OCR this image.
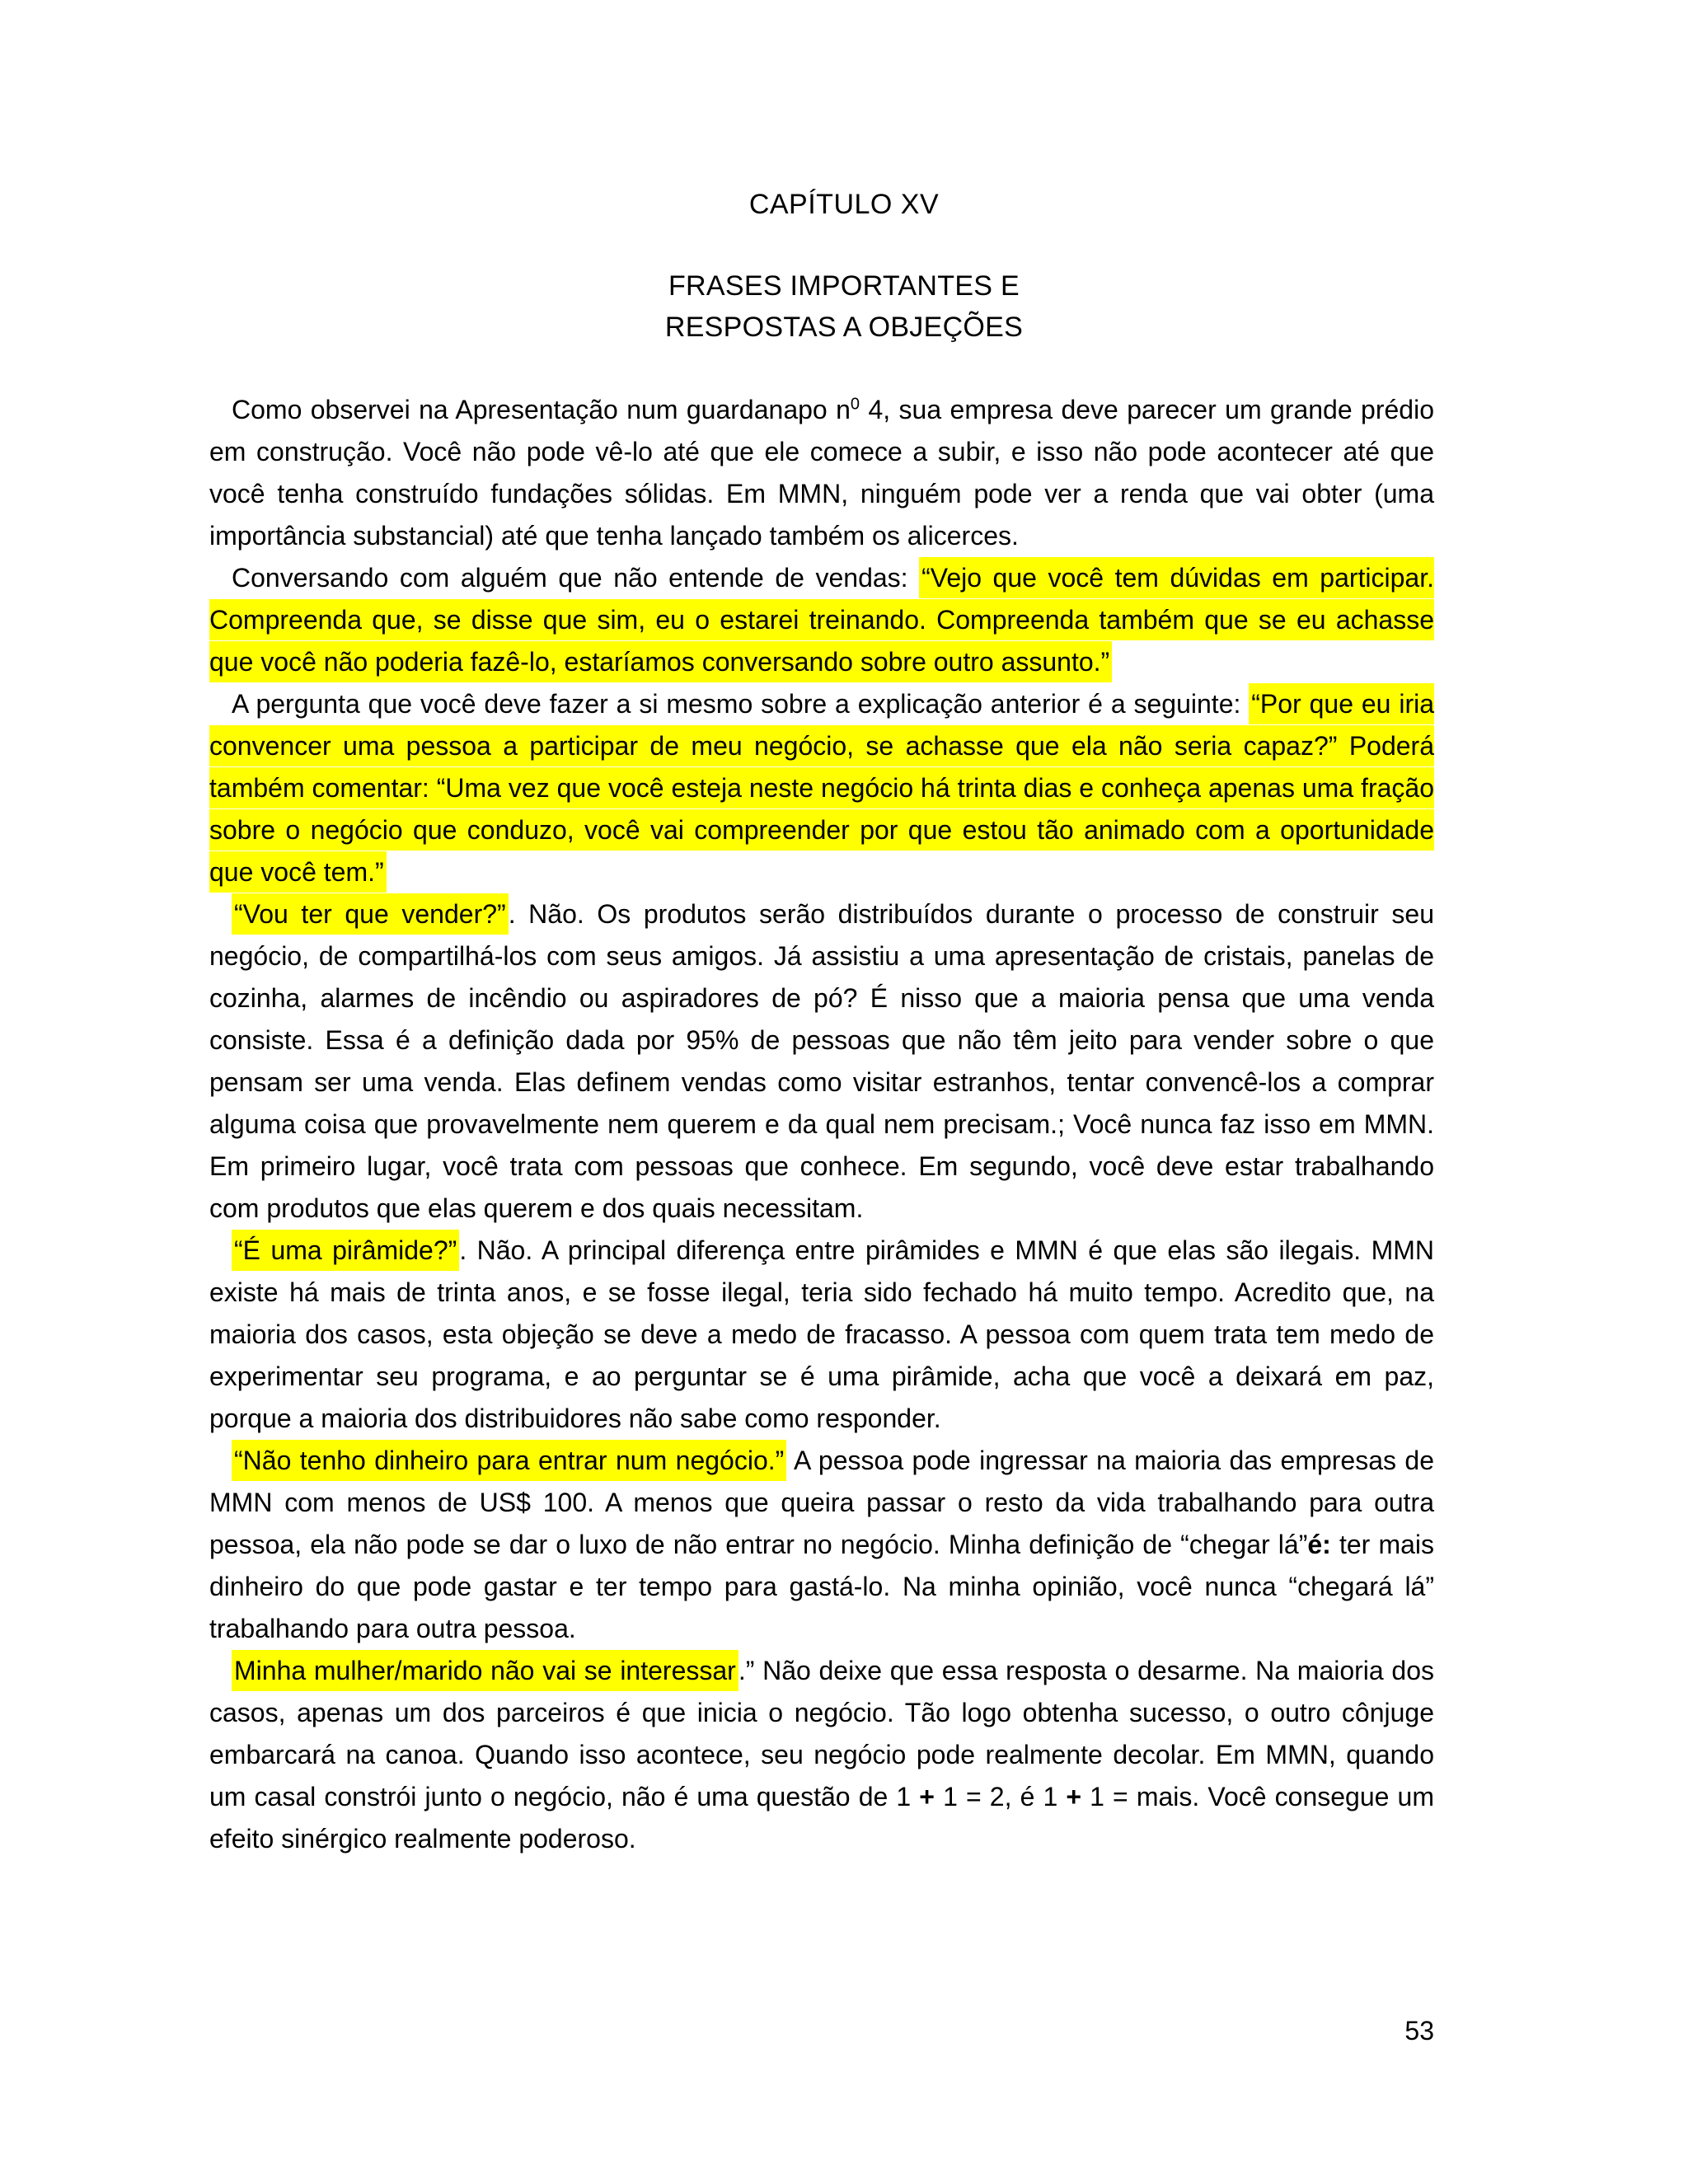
CAPÍTULO XV
FRASES IMPORTANTES E
RESPOSTAS A OBJEÇÕES

Como observei na Apresentação num guardanapo $n^0$ 4, sua empresa deve parecer um grande prédio em construção. Você não pode vê-lo até que ele comece a subir, e isso não pode acontecer até que você tenha construído fundações sólidas. Em MMN, ninguém pode ver a renda que vai obter (uma importância substancial) até que tenha lançado também os alicerces.

Conversando com alguém que não entende de vendas: “Vejo que você tem dúvidas em participar. Compreenda que, se disse que sim, eu o estarei treinando. Compreenda também que se eu achasse que você não poderia fazê-lo, estaríamos conversando sobre outro assunto.”

A pergunta que você deve fazer a si mesmo sobre a explicação anterior é a seguinte: “Por que eu iria convencer uma pessoa a participar de meu negócio, se achasse que ela não seria capaz?” Poderá também comentar: “Uma vez que você esteja neste negócio há trinta dias e conheça apenas uma fração sobre o negócio que conduzo, você vai compreender por que estou tão animado com a oportunidade que você tem.”

“Vou ter que vender?”. Não. Os produtos serão distribuídos durante o processo de construir seu negócio, de compartilhá-los com seus amigos. Já assistiu a uma apresentação de cristais, panelas de cozinha, alarmes de incêndio ou aspiradores de pó? É nisso que a maioria pensa que uma venda consiste. Essa é a definição dada por 95% de pessoas que não têm jeito para vender sobre o que pensam ser uma venda. Elas definem vendas como visitar estranhos, tentar convencê-los a comprar alguma coisa que provavelmente nem querem e da qual nem precisam.; Você nunca faz isso em MMN. Em primeiro lugar, você trata com pessoas que conhece. Em segundo, você deve estar trabalhando com produtos que elas querem e dos quais necessitam.

“É uma pirâmide?”. Não. A principal diferença entre pirâmides e MMN é que elas são ilegais. MMN existe há mais de trinta anos, e se fosse ilegal, teria sido fechado há muito tempo. Acredito que, na maioria dos casos, esta objeção se deve a medo de fracasso. A pessoa com quem trata tem medo de experimentar seu programa, e ao perguntar se é uma pirâmide, acha que você a deixará em paz, porque a maioria dos distribuidores não sabe como responder.

“Não tenho dinheiro para entrar num negócio.” A pessoa pode ingressar na maioria das empresas de MMN com menos de US$ 100. A menos que queira passar o resto da vida trabalhando para outra pessoa, ela não pode se dar o luxo de não entrar no negócio. Minha definição de “chegar lá”é: ter mais dinheiro do que pode gastar e ter tempo para gastá-lo. Na minha opinião, você nunca “chegará lá” trabalhando para outra pessoa.

Minha mulher/marido não vai se interessar.” Não deixe que essa resposta o desarme. Na maioria dos casos, apenas um dos parceiros é que inicia o negócio. Tão logo obtenha sucesso, o outro cônjuge embarcará na canoa. Quando isso acontece, seu negócio pode realmente decolar. Em MMN, quando um casal constrói junto o negócio, não é uma questão de 1 + 1 = 2, é 1 + 1 = mais. Você consegue um efeito sinérgico realmente poderoso.

53
